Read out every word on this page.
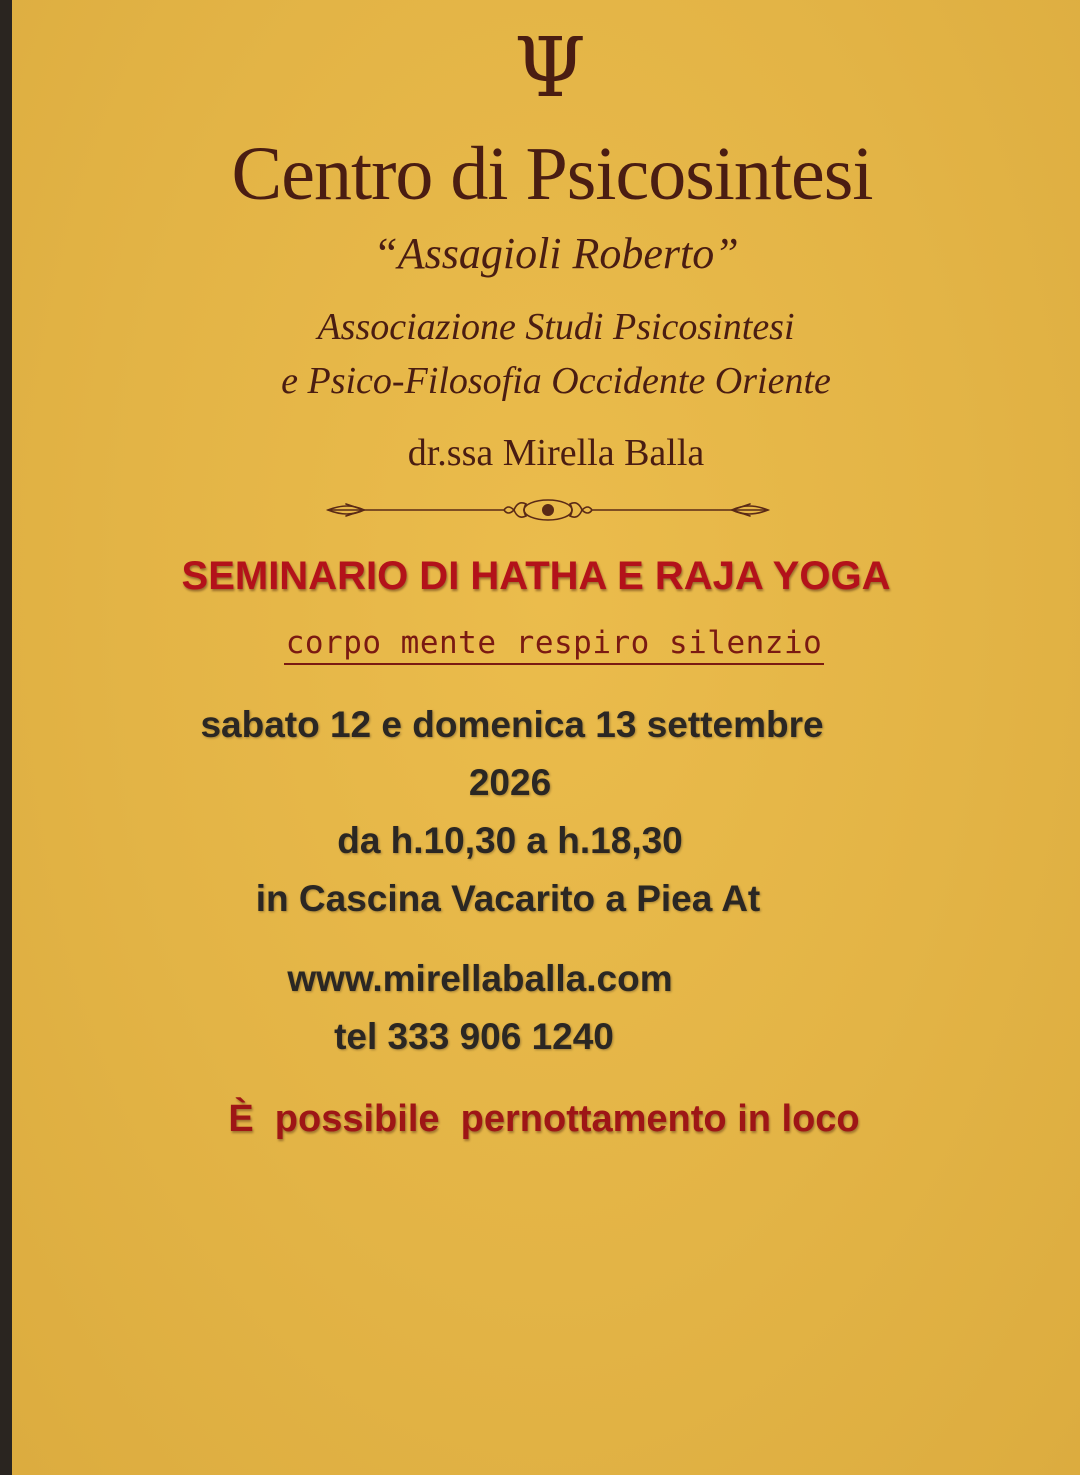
Ψ

Centro di Psicosintesi

“Assagioli Roberto”

Associazione Studi Psicosintesi

e Psico-Filosofia Occidente Oriente

dr.ssa Mirella Balla

SEMINARIO DI HATHA E RAJA YOGA

corpo mente respiro silenzio

sabato 12 e domenica 13 settembre

2026

da h.10,30 a h.18,30

in Cascina Vacarito a Piea At

www.mirellaballa.com

tel 333 906 1240

È  possibile  pernottamento in loco
